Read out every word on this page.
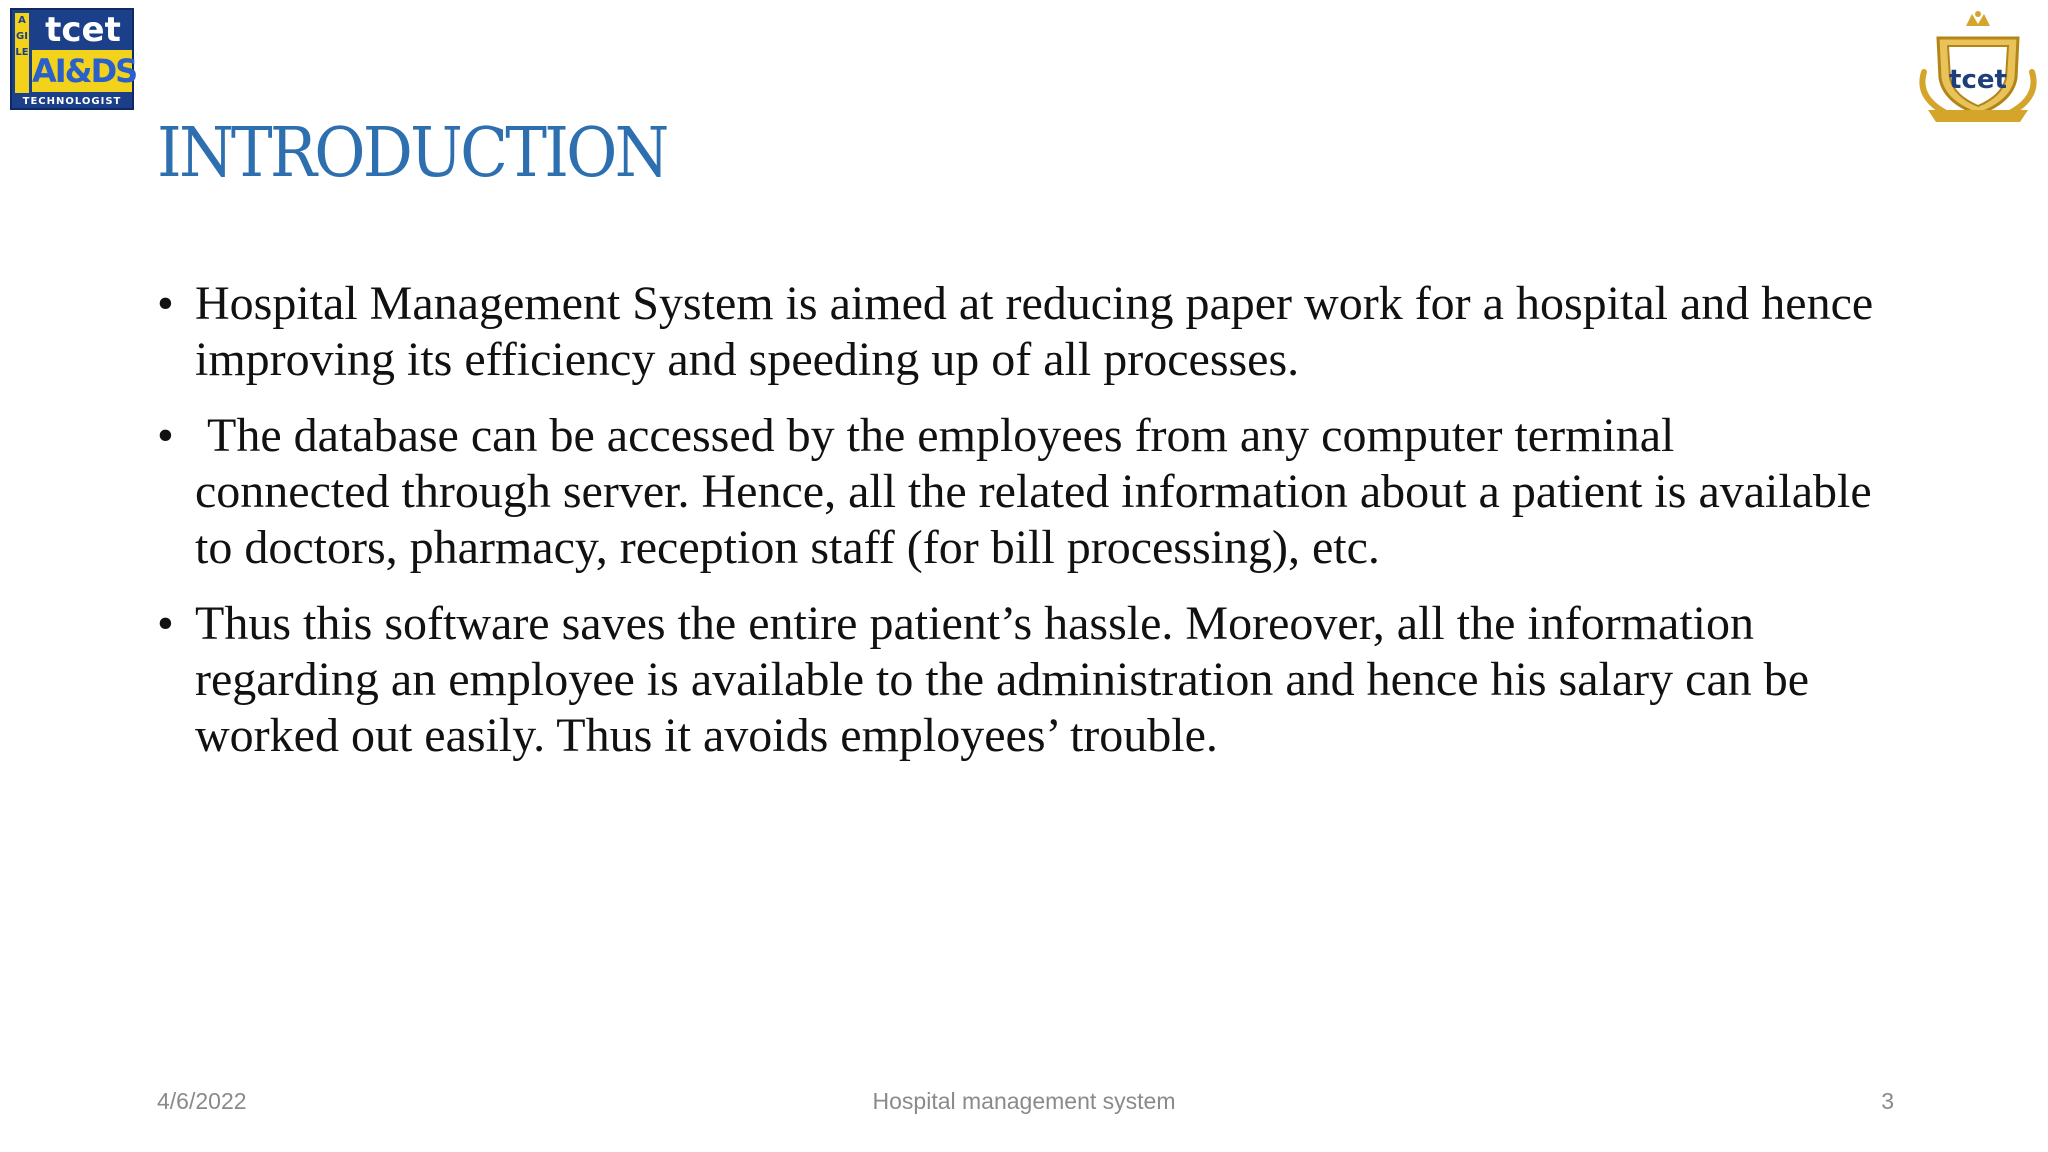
AGILE
tcet
AI&DS
TECHNOLOGIST
tcet
INTRODUCTION
• Hospital Management System is aimed at reducing paper work for a hospital and hence improving its efficiency and speeding up of all processes.
• The database can be accessed by the employees from any computer terminal connected through server. Hence, all the related information about a patient is available to doctors, pharmacy, reception staff (for bill processing), etc.
• Thus this software saves the entire patient’s hassle. Moreover, all the information regarding an employee is available to the administration and hence his salary can be worked out easily. Thus it avoids employees’ trouble.
4/6/2022	Hospital management system	3
